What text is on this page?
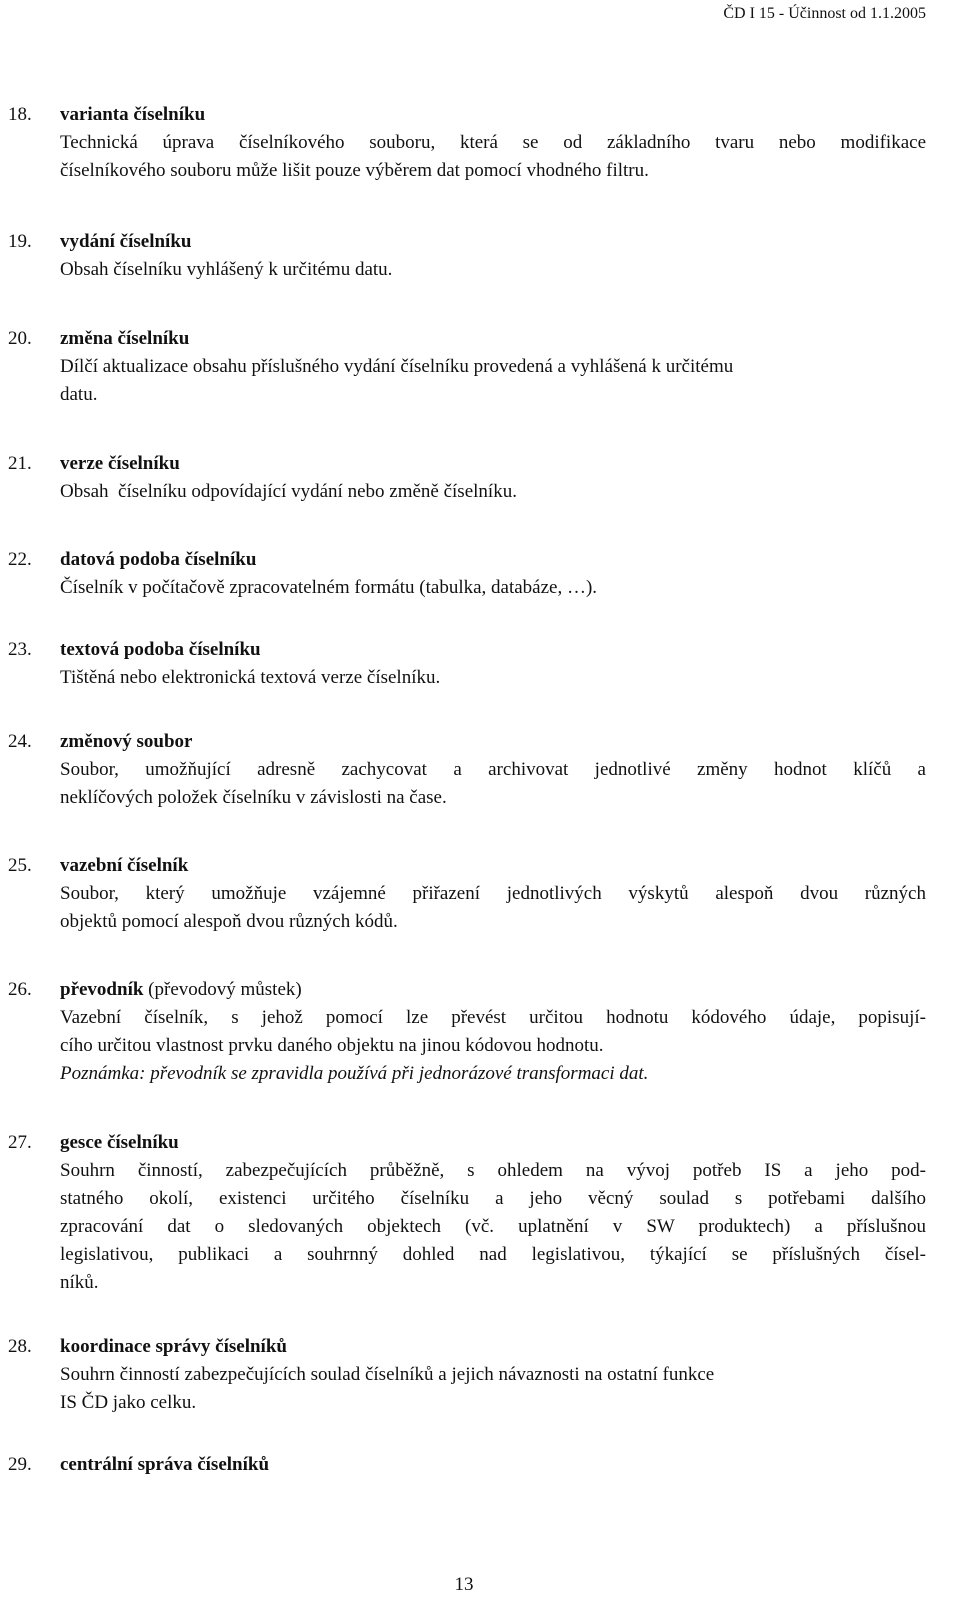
ČD I 15 - Účinnost od 1.1.2005
18. varianta číselníku
Technická úprava číselníkového souboru, která se od základního tvaru nebo modifikace
číselníkového souboru může lišit pouze výběrem dat pomocí vhodného filtru.
19. vydání číselníku
Obsah číselníku vyhlášený k určitému datu.
20. změna číselníku
Dílčí aktualizace obsahu příslušného vydání číselníku provedená a vyhlášená k určitému
datu.
21. verze číselníku
Obsah  číselníku odpovídající vydání nebo změně číselníku.
22. datová podoba číselníku
Číselník v počítačově zpracovatelném formátu (tabulka, databáze, …).
23. textová podoba číselníku
Tištěná nebo elektronická textová verze číselníku.
24. změnový soubor
Soubor, umožňující adresně zachycovat a archivovat jednotlivé změny hodnot klíčů a
neklíčových položek číselníku v závislosti na čase.
25. vazební číselník
Soubor, který umožňuje vzájemné přiřazení jednotlivých výskytů alespoň dvou různých
objektů pomocí alespoň dvou různých kódů.
26. převodník (převodový můstek)
Vazební číselník, s jehož pomocí lze převést určitou hodnotu kódového údaje, popisují-
cího určitou vlastnost prvku daného objektu na jinou kódovou hodnotu.
Poznámka: převodník se zpravidla používá při jednorázové transformaci dat.
27. gesce číselníku
Souhrn činností, zabezpečujících průběžně, s ohledem na vývoj potřeb IS a jeho pod-
statného okolí, existenci určitého číselníku a jeho věcný soulad s potřebami dalšího
zpracování dat o sledovaných objektech (vč. uplatnění v SW produktech) a příslušnou
legislativou, publikaci a souhrnný dohled nad legislativou, týkající se příslušných čísel-
níků.
28. koordinace správy číselníků
Souhrn činností zabezpečujících soulad číselníků a jejich návaznosti na ostatní funkce
IS ČD jako celku.
29. centrální správa číselníků
13
